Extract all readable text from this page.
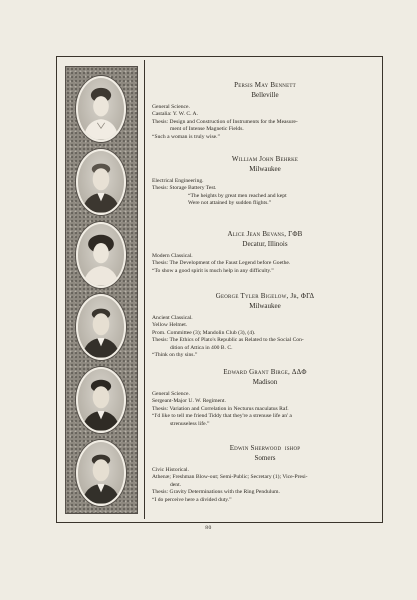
Persis May Bennett
Belleville
General Science.
Castalia: Y. W. C. A.
Thesis: Design and Construction of Instruments for the Measure-
ment of Intense Magnetic Fields.
“Such a woman is truly wise.”
William John Behrke
Milwaukee
Electrical Engineering.
Thesis: Storage Battery Test.
“The heights by great men reached and kept
Were not attained by sudden flights.”
Alice Jean Bevans, ΓΦB
Decatur, Illinois
Modern Classical.
Thesis: The Development of the Faust Legend before Goethe.
“To show a good spirit is much help in any difficulty.”
George Tyler Bigelow, Jr, ΦΓΔ
Milwaukee
Ancient Classical.
Yellow Helmet.
Prom. Committee (3); Mandolin Club (3), (4).
Thesis: The Ethics of Plato's Republic as Related to the Social Con-
dition of Attica in 400 B. C.
“Think on thy sins.”
Edward Grant Birge, ΔΔΦ
Madison
General Science.
Sergeant-Major U. W. Regiment.
Thesis: Variation and Correlation in Necturus maculatus Raf.
“I'd like to tell me friend Tiddy that they're a strenuse life an' a
strenuseless life.”
Edwin Sherwood  ishop
Somers
Civic Historical.
Athenæ; Freshman Blow-out; Semi-Public; Secretary (1); Vice-Presi-
dent.
Thesis: Gravity Determinations with the Ring Pendulum.
“I do perceive here a divided duty.”
80
